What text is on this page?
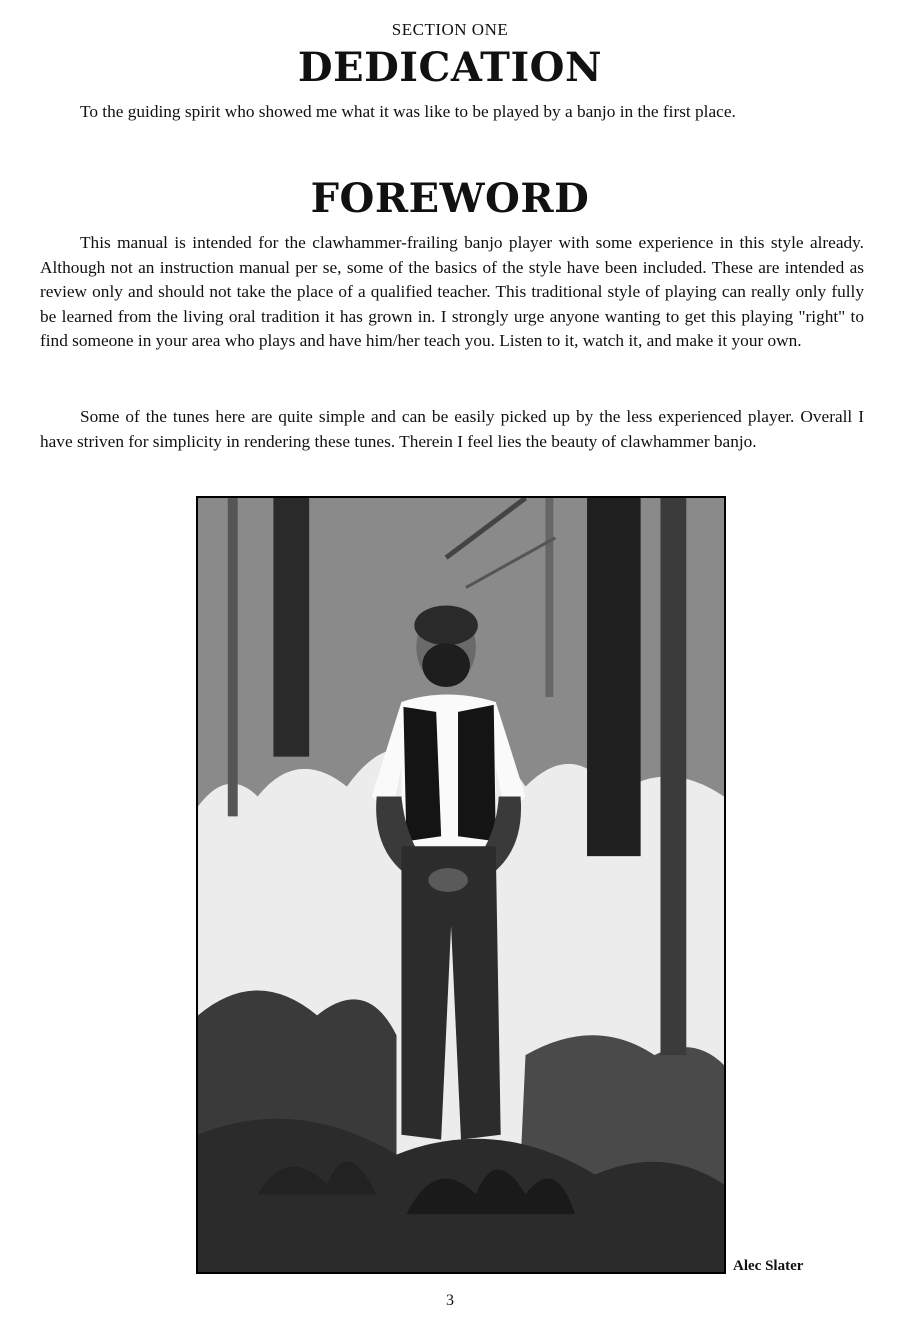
SECTION ONE
DEDICATION

To the guiding spirit who showed me what it was like to be played by a banjo in the first place.

FOREWORD

This manual is intended for the clawhammer-frailing banjo player with some experience in this style already. Although not an instruction manual per se, some of the basics of the style have been included. These are intended as review only and should not take the place of a qualified teacher. This traditional style of playing can really only fully be learned from the living oral tradition it has grown in. I strongly urge anyone wanting to get this playing "right" to find someone in your area who plays and have him/her teach you. Listen to it, watch it, and make it your own.

Some of the tunes here are quite simple and can be easily picked up by the less experienced player. Overall I have striven for simplicity in rendering these tunes. Therein I feel lies the beauty of clawhammer banjo.

Alec Slater
3
